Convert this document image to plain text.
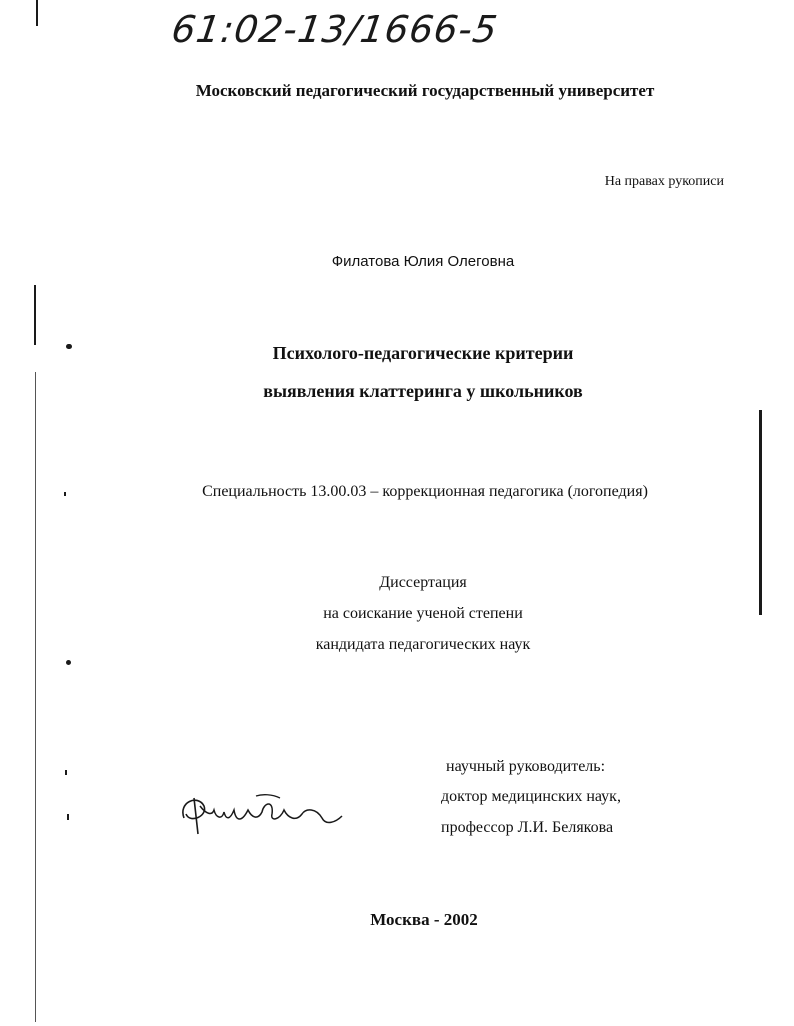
61:02-13/1666-5
Московский педагогический государственный университет
На правах рукописи
Филатова Юлия Олеговна
Психолого-педагогические критерии
выявления клаттеринга у школьников
Специальность 13.00.03 – коррекционная педагогика (логопедия)
Диссертация
на соискание ученой степени
кандидата педагогических наук
научный руководитель:
доктор медицинских наук,
профессор Л.И. Белякова
Москва - 2002
